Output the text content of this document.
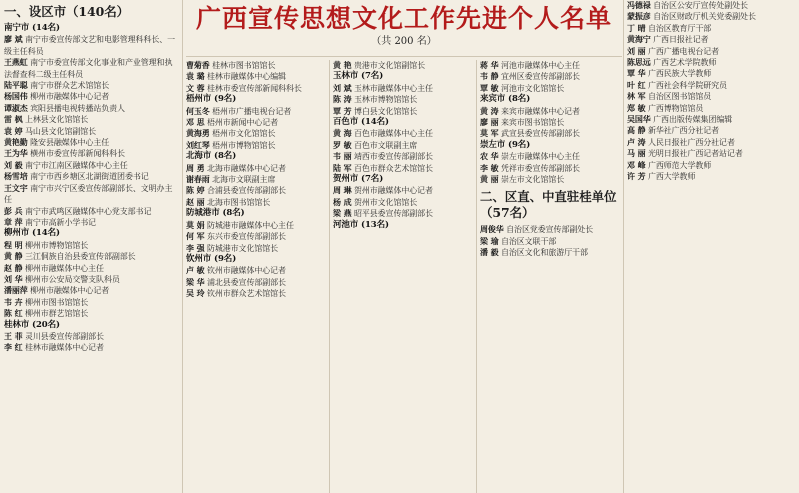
一、设区市（140名）
南宁市 (14名)
廖 斌 南宁市委宣传部文艺和电影管理科科长、一级主任科员
王燕虹 南宁市委宣传部文化事业和产业管理和执法督查科二级主任科员
陆平聪 南宁市群众艺术馆馆长
杨国伟 柳州市融媒体中心记者
谭淑杰 宾阳县播电视转播站负责人
雷 枫 上林县文化馆馆长
袁 婷 马山县文化馆副馆长
黄艳勤 隆安县融媒体中心主任
王为华 横州市委宣传部新闻科科长
刘 毅 南宁市江南区融媒体中心主任
杨雪培 南宁市西乡塘区北湖街道团委书记
王文宇 南宁市兴宁区委宣传部副部长、文明办主任
彭 兵 南宁市武鸣区融媒体中心党支部书记
章 萍 南宁市高新小学书记
柳州市 (14名)
程 明 柳州市博物馆馆长
黄 静 三江侗族自治县委宣传部副部长
赵 静 柳州市融媒体中心主任
刘 华 柳州市公安局交警支队科员
潘丽萍 柳州市融媒体中心记者
韦 卉 柳州市图书馆馆长
陈 红 柳州市群艺馆馆长
桂林市 (20名)
王 菲 灵川县委宣传部副部长
李 红 桂林市融媒体中心记者
广西宣传思想文化工作先进个人名单
（共 200 名）
曹菊香 桂林市图书馆馆长
袁 璐 桂林市融媒体中心编辑
文 蓉 桂林市委宣传部新闻科科长
梧州市 (9名)
何玉冬 梧州市广播电视台记者
邓 思 梧州市新闻中心记者
黄海勇 梧州市文化馆馆长
刘红琴 梧州市博物馆馆长
北海市 (8名)
周 勇 北海市融媒体中心记者
谢春雨 北海市文联副主席
陈 婷 合浦县委宣传部副部长
赵 丽 北海市图书馆馆长
防城港市 (8名)
莫 娟 防城港市融媒体中心主任
何 军 东兴市委宣传部副部长
李 强 防城港市文化馆馆长
钦州市 (9名)
卢 敏 钦州市融媒体中心记者
梁 华 浦北县委宣传部副部长
吴 玲 钦州市群众艺术馆馆长
黄 艳 贵港市文化馆副馆长
玉林市 (7名)
刘 斌 玉林市融媒体中心主任
陈 涛 玉林市博物馆馆长
覃 芳 博白县文化馆馆长
百色市 (14名)
黄 海 百色市融媒体中心主任
罗 敏 百色市文联副主席
韦 丽 靖西市委宣传部副部长
陆 军 百色市群众艺术馆馆长
贺州市 (7名)
周 琳 贺州市融媒体中心记者
杨 成 贺州市文化馆馆长
梁 燕 昭平县委宣传部副部长
河池市 (13名)
蒋 华 河池市融媒体中心主任
韦 静 宜州区委宣传部副部长
覃 敏 河池市文化馆馆长
来宾市 (8名)
黄 涛 来宾市融媒体中心记者
廖 丽 来宾市图书馆馆长
莫 军 武宣县委宣传部副部长
崇左市 (9名)
农 华 崇左市融媒体中心主任
李 敏 凭祥市委宣传部副部长
黄 丽 崇左市文化馆馆长
二、区直、中直驻桂单位（57名）
周俊华 自治区党委宣传部副处长
梁 瑜 自治区文联干部
潘 毅 自治区文化和旅游厅干部
冯德禄 自治区公安厅宣传处副处长
蒙振彦 自治区财政厅机关党委副处长
丁 晴 自治区教育厅干部
黄海宁 广西日报社记者
刘 丽 广西广播电视台记者
陈思远 广西艺术学院教师
覃 华 广西民族大学教师
叶 红 广西社会科学院研究员
林 军 自治区图书馆馆员
郑 敏 广西博物馆馆员
吴国华 广西出版传媒集团编辑
高 静 新华社广西分社记者
卢 涛 人民日报社广西分社记者
马 丽 光明日报社广西记者站记者
邓 峰 广西师范大学教师
许 芳 广西大学教师
